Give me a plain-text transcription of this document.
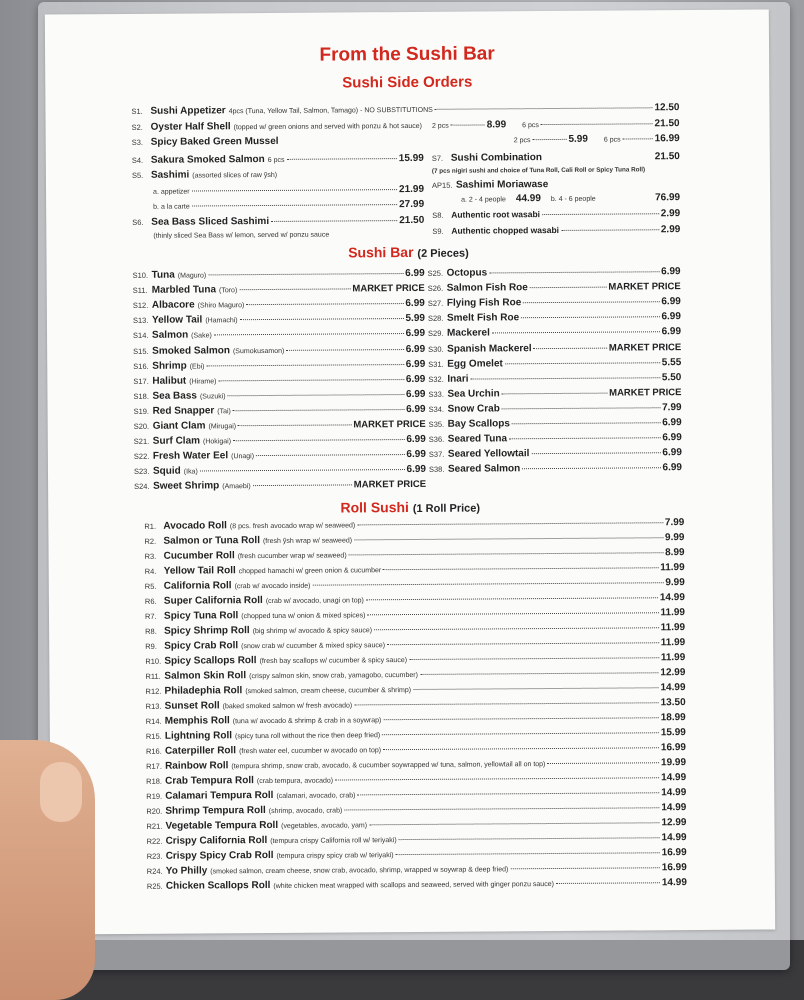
From the Sushi Bar
Sushi Side Orders
S1. Sushi Appetizer 4pcs (Tuna, Yellow Tail, Salmon, Tamago) - NO SUBSTITUTIONS	12.50
S2. Oyster Half Shell (topped w/ green onions and served with ponzu & hot sauce) 2 pcs	8.99 6 pcs	21.50
S3. Spicy Baked Green Mussel	2 pcs	5.99 6 pcs	16.99
S4. Sakura Smoked Salmon 6 pcs	15.99
S5. Sashimi (assorted slices of raw ỹsh)
a. appetizer	21.99
b. a la carte	27.99
S6. Sea Bass Sliced Sashimi	21.50
(thinly sliced Sea Bass w/ lemon, served w/ ponzu sauce
S7. Sushi Combination	21.50
(7 pcs nigiri sushi and choice of Tuna Roll, Cali Roll or Spicy Tuna Roll)
AP15. Sashimi Moriawase
a. 2 - 4 people 44.99 b. 4 - 6 people	76.99
S8. Authentic root wasabi	2.99
S9. Authentic chopped wasabi	2.99
Sushi Bar (2 Pieces)
S10. Tuna (Maguro)	6.99
S11. Marbled Tuna (Toro)	MARKET PRICE
S12. Albacore (Shiro Maguro)	6.99
S13. Yellow Tail (Hamachi)	5.99
S14. Salmon (Sake)	6.99
S15. Smoked Salmon (Sumokusamon)	6.99
S16. Shrimp (Ebi)	6.99
S17. Halibut (Hirame)	6.99
S18. Sea Bass (Suzuki)	6.99
S19. Red Snapper (Tai)	6.99
S20. Giant Clam (Mirugai)	MARKET PRICE
S21. Surf Clam (Hokigai)	6.99
S22. Fresh Water Eel (Unagi)	6.99
S23. Squid (Ika)	6.99
S24. Sweet Shrimp (Amaebi)	MARKET PRICE
S25. Octopus	6.99
S26. Salmon Fish Roe	MARKET PRICE
S27. Flying Fish Roe	6.99
S28. Smelt Fish Roe	6.99
S29. Mackerel	6.99
S30. Spanish Mackerel	MARKET PRICE
S31. Egg Omelet	5.55
S32. Inari	5.50
S33. Sea Urchin	MARKET PRICE
S34. Snow Crab	7.99
S35. Bay Scallops	6.99
S36. Seared Tuna	6.99
S37. Seared Yellowtail	6.99
S38. Seared Salmon	6.99
Roll Sushi (1 Roll Price)
R1. Avocado Roll (8 pcs. fresh avocado wrap w/ seaweed)	7.99
R2. Salmon or Tuna Roll (fresh ỹsh wrap w/ seaweed)	9.99
R3. Cucumber Roll (fresh cucumber wrap w/ seaweed)	8.99
R4. Yellow Tail Roll chopped hamachi w/ green onion & cucumber	11.99
R5. California Roll (crab w/ avocado inside)	9.99
R6. Super California Roll (crab w/ avocado, unagi on top)	14.99
R7. Spicy Tuna Roll (chopped tuna w/ onion & mixed spices)	11.99
R8. Spicy Shrimp Roll (big shrimp w/ avocado & spicy sauce)	11.99
R9. Spicy Crab Roll (snow crab w/ cucumber & mixed spicy sauce)	11.99
R10. Spicy Scallops Roll (fresh bay scallops w/ cucumber & spicy sauce)	11.99
R11. Salmon Skin Roll (crispy salmon skin, snow crab, yamagobo, cucumber)	12.99
R12. Philadephia Roll (smoked salmon, cream cheese, cucumber & shrimp)	14.99
R13. Sunset Roll (baked smoked salmon w/ fresh avocado)	13.50
R14. Memphis Roll (tuna w/ avocado & shrimp & crab in a soywrap)	18.99
R15. Lightning Roll (spicy tuna roll without the rice then deep fried)	15.99
R16. Caterpiller Roll (fresh water eel, cucumber w avocado on top)	16.99
R17. Rainbow Roll (tempura shrimp, snow crab, avocado, & cucumber soywrapped w/ tuna, salmon, yellowtail all on top)	19.99
R18. Crab Tempura Roll (crab tempura, avocado)	14.99
R19. Calamari Tempura Roll (calamari, avocado, crab)	14.99
R20. Shrimp Tempura Roll (shrimp, avocado, crab)	14.99
R21. Vegetable Tempura Roll (vegetables, avocado, yam)	12.99
R22. Crispy California Roll (tempura crispy California roll w/ teriyaki)	14.99
R23. Crispy Spicy Crab Roll (tempura crispy spicy crab w/ teriyaki)	16.99
R24. Yo Philly (smoked salmon, cream cheese, snow crab, avocado, shrimp, wrapped w soywrap & deep fried)	16.99
R25. Chicken Scallops Roll (white chicken meat wrapped with scallops and seaweed, served with ginger ponzu sauce)	14.99
